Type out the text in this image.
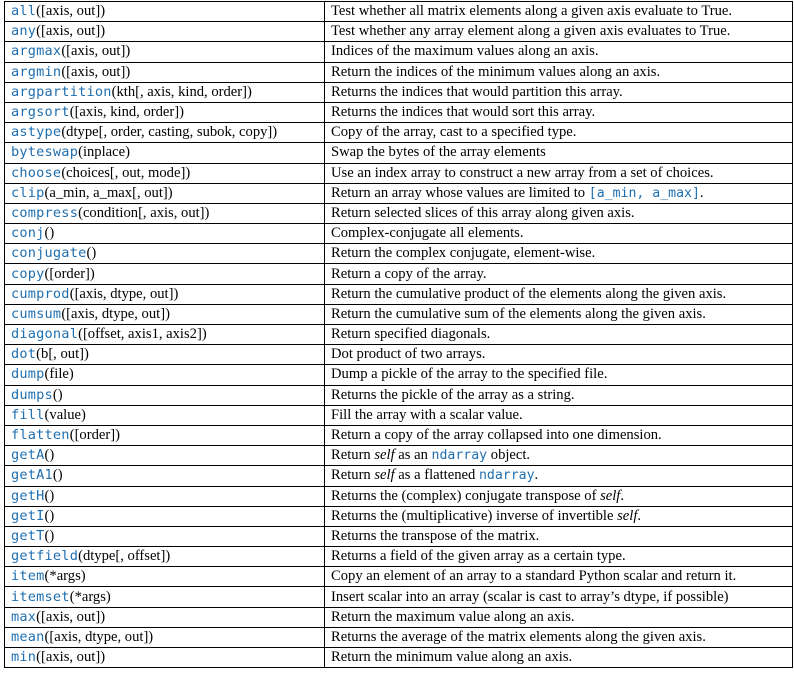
all([axis, out])	Test whether all matrix elements along a given axis evaluate to True.
any([axis, out])	Test whether any array element along a given axis evaluates to True.
argmax([axis, out])	Indices of the maximum values along an axis.
argmin([axis, out])	Return the indices of the minimum values along an axis.
argpartition(kth[, axis, kind, order])	Returns the indices that would partition this array.
argsort([axis, kind, order])	Returns the indices that would sort this array.
astype(dtype[, order, casting, subok, copy])	Copy of the array, cast to a specified type.
byteswap(inplace)	Swap the bytes of the array elements
choose(choices[, out, mode])	Use an index array to construct a new array from a set of choices.
clip(a_min, a_max[, out])	Return an array whose values are limited to [a_min, a_max].
compress(condition[, axis, out])	Return selected slices of this array along given axis.
conj()	Complex-conjugate all elements.
conjugate()	Return the complex conjugate, element-wise.
copy([order])	Return a copy of the array.
cumprod([axis, dtype, out])	Return the cumulative product of the elements along the given axis.
cumsum([axis, dtype, out])	Return the cumulative sum of the elements along the given axis.
diagonal([offset, axis1, axis2])	Return specified diagonals.
dot(b[, out])	Dot product of two arrays.
dump(file)	Dump a pickle of the array to the specified file.
dumps()	Returns the pickle of the array as a string.
fill(value)	Fill the array with a scalar value.
flatten([order])	Return a copy of the array collapsed into one dimension.
getA()	Return self as an ndarray object.
getA1()	Return self as a flattened ndarray.
getH()	Returns the (complex) conjugate transpose of self.
getI()	Returns the (multiplicative) inverse of invertible self.
getT()	Returns the transpose of the matrix.
getfield(dtype[, offset])	Returns a field of the given array as a certain type.
item(*args)	Copy an element of an array to a standard Python scalar and return it.
itemset(*args)	Insert scalar into an array (scalar is cast to array’s dtype, if possible)
max([axis, out])	Return the maximum value along an axis.
mean([axis, dtype, out])	Returns the average of the matrix elements along the given axis.
min([axis, out])	Return the minimum value along an axis.
